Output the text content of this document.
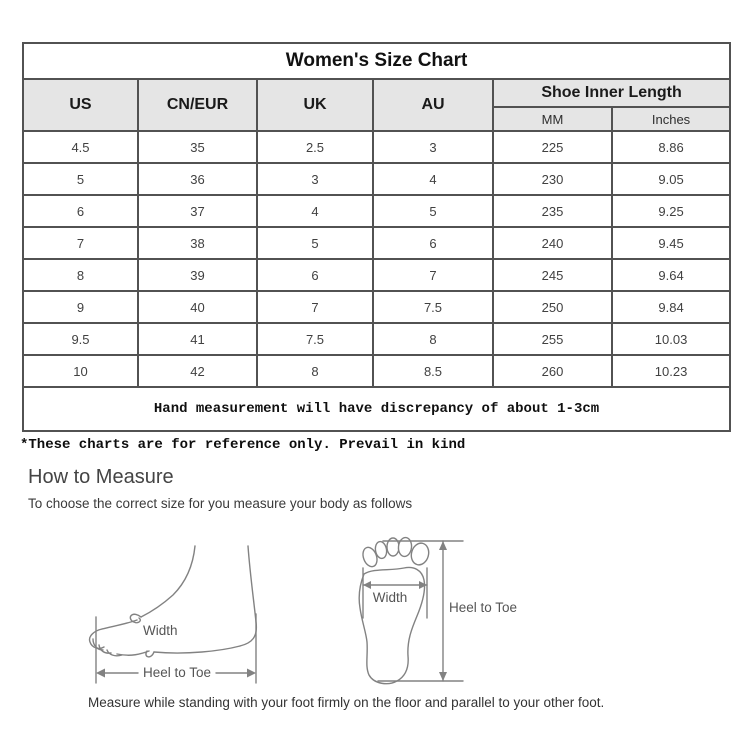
Women's Size Chart					
US	CN/EUR	UK	AU	Shoe Inner Length	
				MM	Inches
4.5	35	2.5	3	225	8.86
5	36	3	4	230	9.05
6	37	4	5	235	9.25
7	38	5	6	240	9.45
8	39	6	7	245	9.64
9	40	7	7.5	250	9.84
9.5	41	7.5	8	255	10.03
10	42	8	8.5	260	10.23
Hand measurement will have discrepancy of about 1-3cm					
*These charts are for reference only. Prevail in kind
How to Measure
To choose the correct size for you measure your body as follows
Width
Heel to Toe
Width
Heel to Toe
Measure while standing with your foot firmly on the floor and parallel to your other foot.
